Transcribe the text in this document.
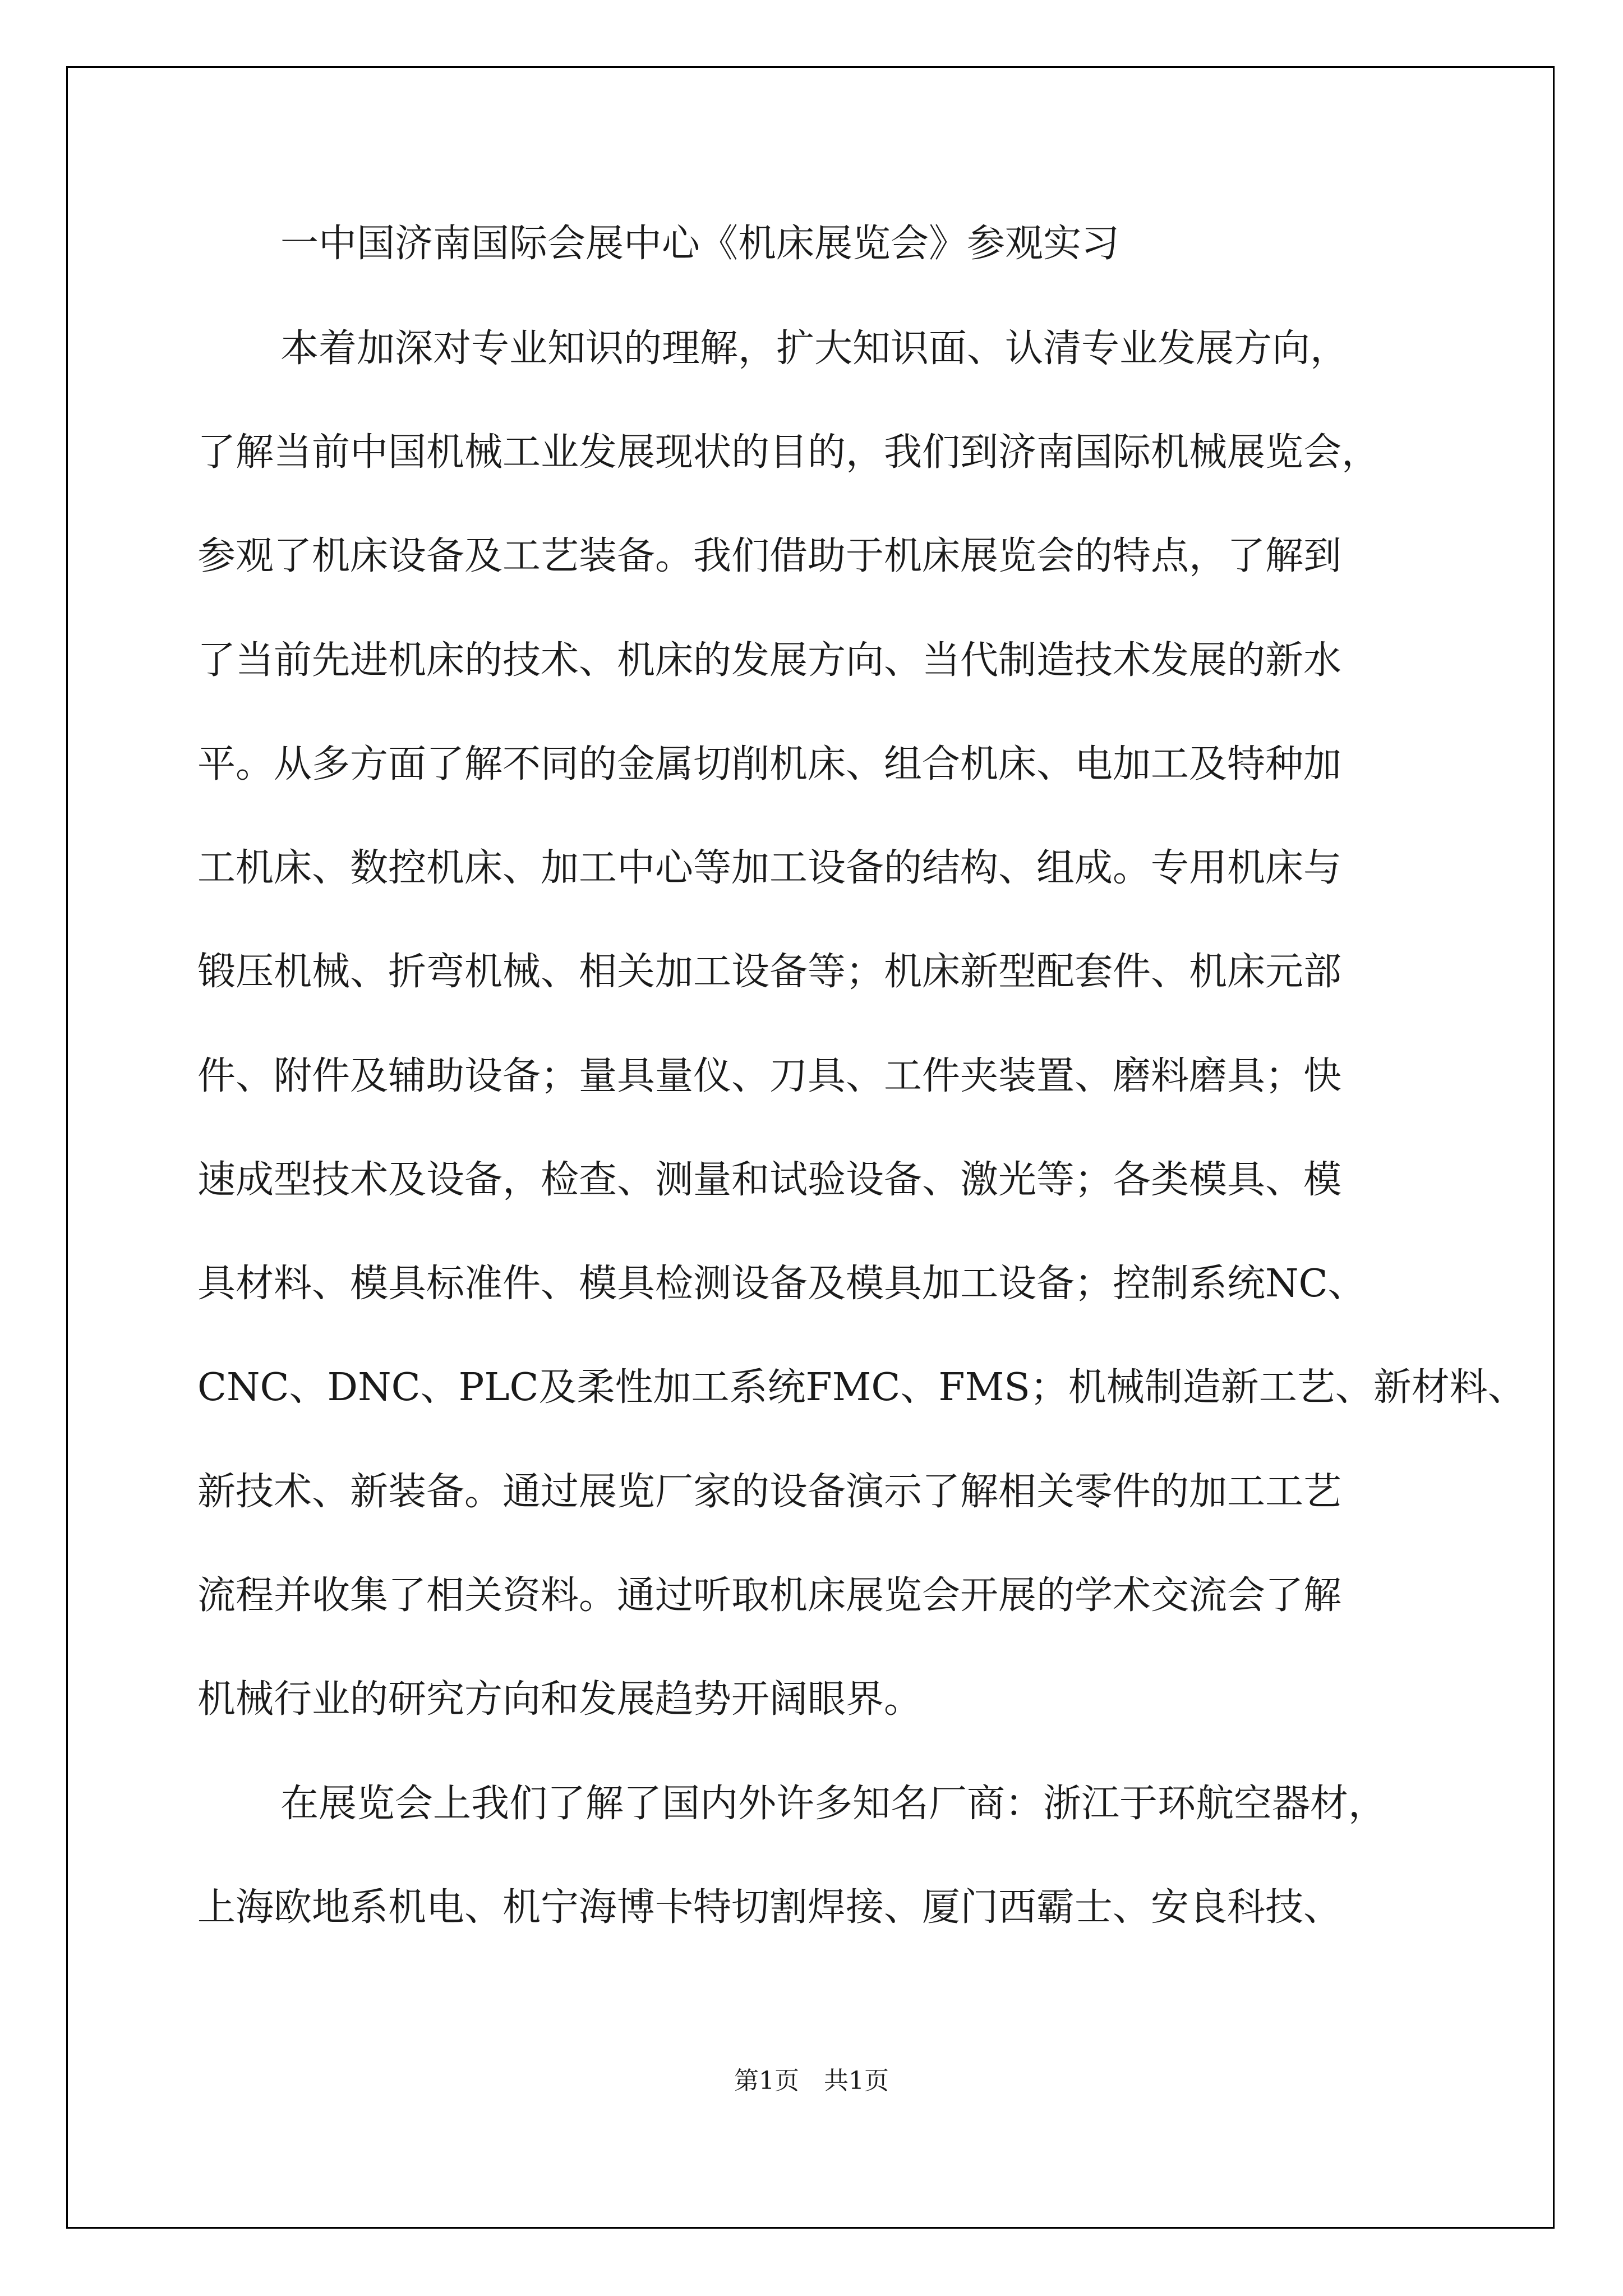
一中国济南国际会展中心《机床展览会》参观实习
本着加深对专业知识的理解，扩大知识面、认清专业发展方向，
了解当前中国机械工业发展现状的目的，我们到济南国际机械展览会，
参观了机床设备及工艺装备。我们借助于机床展览会的特点，了解到
了当前先进机床的技术、机床的发展方向、当代制造技术发展的新水
平。从多方面了解不同的金属切削机床、组合机床、电加工及特种加
工机床、数控机床、加工中心等加工设备的结构、组成。专用机床与
锻压机械、折弯机械、相关加工设备等；机床新型配套件、机床元部
件、附件及辅助设备；量具量仪、刀具、工件夹装置、磨料磨具；快
速成型技术及设备，检查、测量和试验设备、激光等；各类模具、模
具材料、模具标准件、模具检测设备及模具加工设备；控制系统NC、
CNC、DNC、PLC及柔性加工系统FMC、FMS；机械制造新工艺、新材料、
新技术、新装备。通过展览厂家的设备演示了解相关零件的加工工艺
流程并收集了相关资料。通过听取机床展览会开展的学术交流会了解
机械行业的研究方向和发展趋势开阔眼界。
在展览会上我们了解了国内外许多知名厂商：浙江于环航空器材，
上海欧地系机电、机宁海博卡特切割焊接、厦门西霸士、安良科技、
第1页　共1页
